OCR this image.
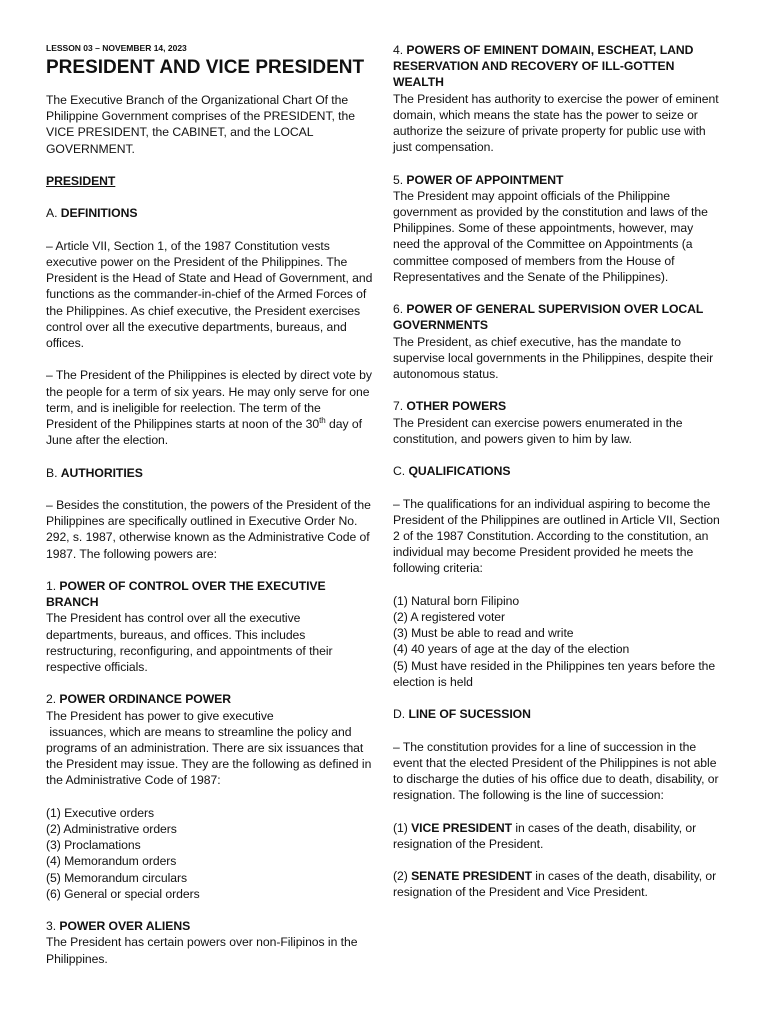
LESSON 03 – NOVEMBER 14, 2023

PRESIDENT AND VICE PRESIDENT

The Executive Branch of the Organizational Chart Of the Philippine Government comprises of the PRESIDENT, the VICE PRESIDENT, the CABINET, and the LOCAL GOVERNMENT.

PRESIDENT

A. DEFINITIONS

– Article VII, Section 1, of the 1987 Constitution vests executive power on the President of the Philippines. The President is the Head of State and Head of Government, and functions as the commander-in-chief of the Armed Forces of the Philippines. As chief executive, the President exercises control over all the executive departments, bureaus, and offices.

– The President of the Philippines is elected by direct vote by the people for a term of six years. He may only serve for one term, and is ineligible for reelection. The term of the President of the Philippines starts at noon of the 30th day of June after the election.

B. AUTHORITIES

– Besides the constitution, the powers of the President of the Philippines are specifically outlined in Executive Order No. 292, s. 1987, otherwise known as the Administrative Code of 1987. The following powers are:

1. POWER OF CONTROL OVER THE EXECUTIVE BRANCH
The President has control over all the executive departments, bureaus, and offices. This includes restructuring, reconfiguring, and appointments of their respective officials.
2. POWER ORDINANCE POWER
The President has power to give executive
issuances, which are means to streamline the policy and programs of an administration. There are six issuances that the President may issue. They are the following as defined in the Administrative Code of 1987:
(1) Executive orders
(2) Administrative orders
(3) Proclamations
(4) Memorandum orders
(5) Memorandum circulars
(6) General or special orders
3. POWER OVER ALIENS
The President has certain powers over non-Filipinos in the Philippines.
4. POWERS OF EMINENT DOMAIN, ESCHEAT, LAND RESERVATION AND RECOVERY OF ILL-GOTTEN WEALTH
The President has authority to exercise the power of eminent domain, which means the state has the power to seize or authorize the seizure of private property for public use with just compensation.
5. POWER OF APPOINTMENT
The President may appoint officials of the Philippine government as provided by the constitution and laws of the Philippines. Some of these appointments, however, may need the approval of the Committee on Appointments (a committee composed of members from the House of Representatives and the Senate of the Philippines).
6. POWER OF GENERAL SUPERVISION OVER LOCAL GOVERNMENTS
The President, as chief executive, has the mandate to supervise local governments in the Philippines, despite their autonomous status.
7. OTHER POWERS
The President can exercise powers enumerated in the constitution, and powers given to him by law.

C. QUALIFICATIONS

– The qualifications for an individual aspiring to become the President of the Philippines are outlined in Article VII, Section 2 of the 1987 Constitution. According to the constitution, an individual may become President provided he meets the following criteria:

(1) Natural born Filipino
(2) A registered voter
(3) Must be able to read and write
(4) 40 years of age at the day of the election
(5) Must have resided in the Philippines ten years before the election is held

D. LINE OF SUCESSION

– The constitution provides for a line of succession in the event that the elected President of the Philippines is not able to discharge the duties of his office due to death, disability, or resignation. The following is the line of succession:

(1) VICE PRESIDENT in cases of the death, disability, or resignation of the President.

(2) SENATE PRESIDENT in cases of the death, disability, or resignation of the President and Vice President.
